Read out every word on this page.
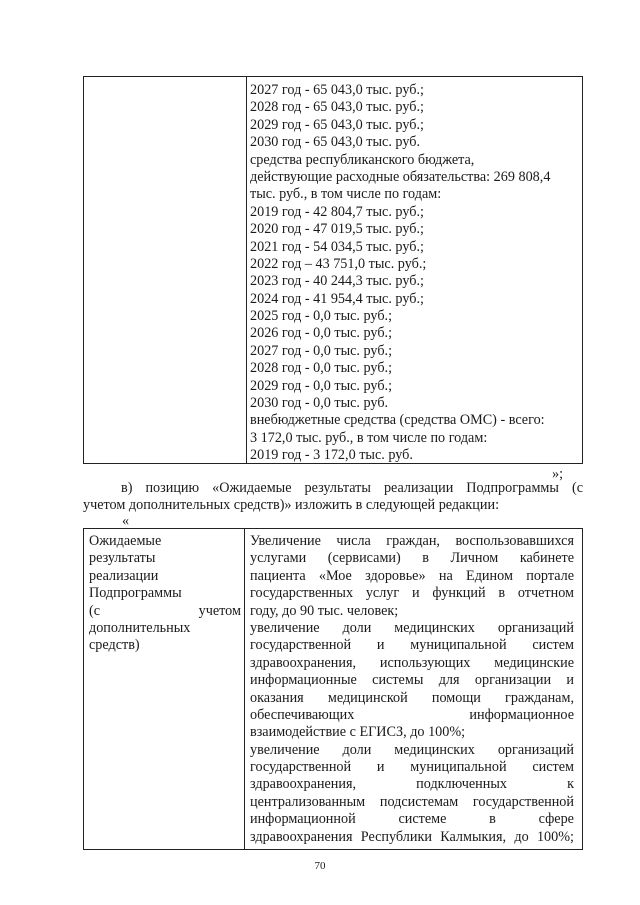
2027 год - 65 043,0 тыс. руб.;
2028 год - 65 043,0 тыс. руб.;
2029 год - 65 043,0 тыс. руб.;
2030 год - 65 043,0 тыс. руб.
средства республиканского бюджета,
действующие расходные обязательства: 269 808,4
тыс. руб., в том числе по годам:
2019 год - 42 804,7 тыс. руб.;
2020 год - 47 019,5 тыс. руб.;
2021 год - 54 034,5 тыс. руб.;
2022 год – 43 751,0 тыс. руб.;
2023 год - 40 244,3 тыс. руб.;
2024 год - 41 954,4 тыс. руб.;
2025 год - 0,0 тыс. руб.;
2026 год - 0,0 тыс. руб.;
2027 год - 0,0 тыс. руб.;
2028 год - 0,0 тыс. руб.;
2029 год - 0,0 тыс. руб.;
2030 год - 0,0 тыс. руб.
внебюджетные средства (средства ОМС) - всего:
3 172,0 тыс. руб., в том числе по годам:
2019 год - 3 172,0 тыс. руб.
»;
в) позицию «Ожидаемые результаты реализации Подпрограммы (с
учетом дополнительных средств)» изложить в следующей редакции:
«
Ожидаемые
результаты
реализации
Подпрограммы
(с учетом
дополнительных
средств)
Увеличение числа граждан, воспользовавшихся
услугами (сервисами) в Личном кабинете
пациента «Мое здоровье» на Едином портале
государственных услуг и функций в отчетном
году, до 90 тыс. человек;
увеличение доли медицинских организаций
государственной и муниципальной систем
здравоохранения, использующих медицинские
информационные системы для организации и
оказания медицинской помощи гражданам,
обеспечивающих информационное
взаимодействие с ЕГИСЗ, до 100%;
увеличение доли медицинских организаций
государственной и муниципальной систем
здравоохранения, подключенных к
централизованным подсистемам государственной
информационной системе в сфере
здравоохранения Республики Калмыкия, до 100%;
70
